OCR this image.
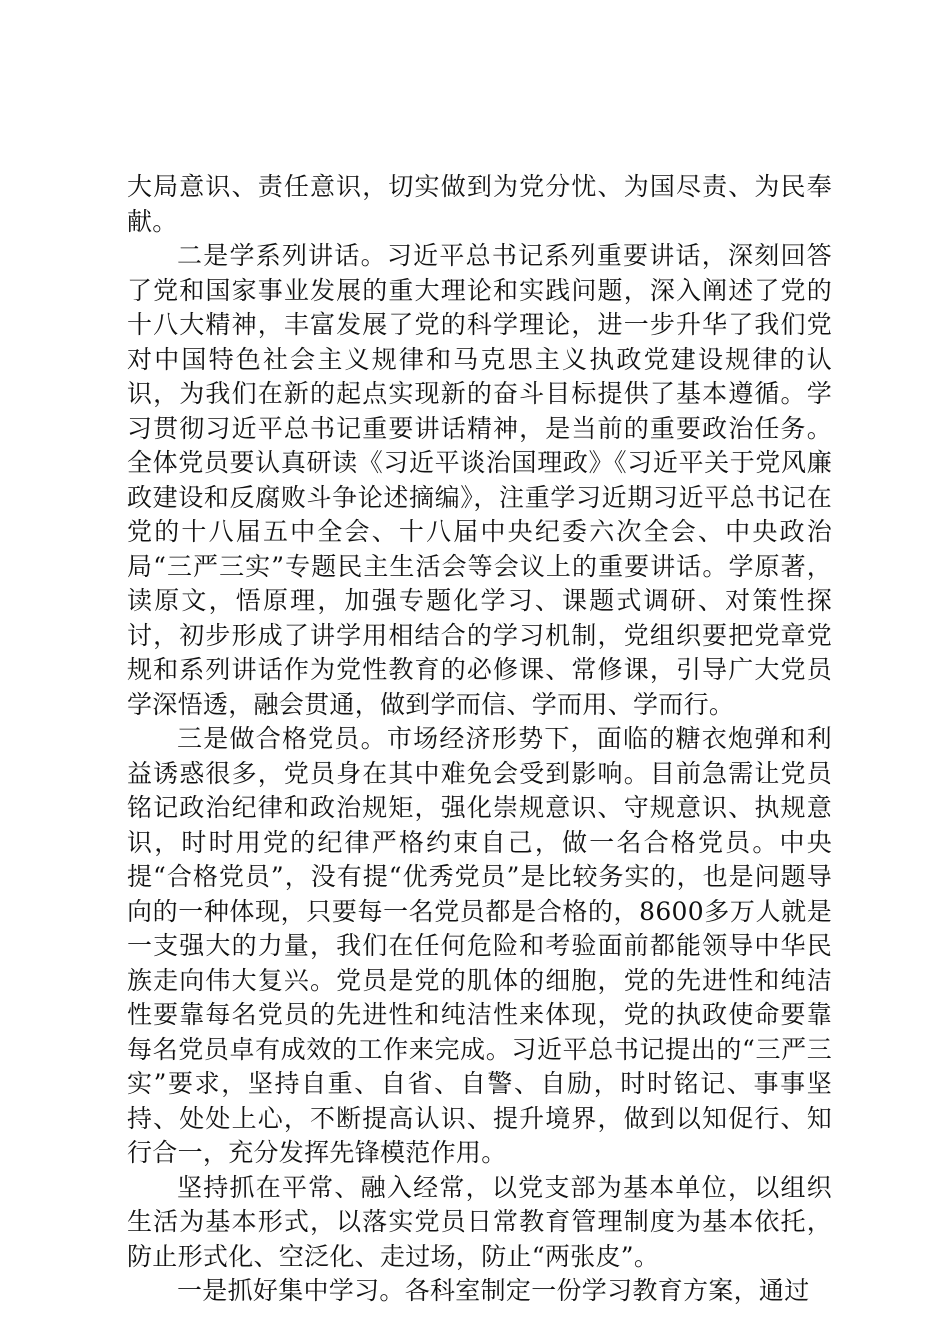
大局意识、责任意识，切实做到为党分忧、为国尽责、为民奉献。

二是学系列讲话。习近平总书记系列重要讲话，深刻回答了党和国家事业发展的重大理论和实践问题，深入阐述了党的十八大精神，丰富发展了党的科学理论，进一步升华了我们党对中国特色社会主义规律和马克思主义执政党建设规律的认识，为我们在新的起点实现新的奋斗目标提供了基本遵循。学习贯彻习近平总书记重要讲话精神，是当前的重要政治任务。全体党员要认真研读《习近平谈治国理政》《习近平关于党风廉政建设和反腐败斗争论述摘编》，注重学习近期习近平总书记在党的十八届五中全会、十八届中央纪委六次全会、中央政治局“三严三实”专题民主生活会等会议上的重要讲话。学原著，读原文，悟原理，加强专题化学习、课题式调研、对策性探讨，初步形成了讲学用相结合的学习机制，党组织要把党章党规和系列讲话作为党性教育的必修课、常修课，引导广大党员学深悟透，融会贯通，做到学而信、学而用、学而行。

三是做合格党员。市场经济形势下，面临的糖衣炮弹和利益诱惑很多，党员身在其中难免会受到影响。目前急需让党员铭记政治纪律和政治规矩，强化崇规意识、守规意识、执规意识，时时用党的纪律严格约束自己，做一名合格党员。中央提“合格党员”，没有提“优秀党员”是比较务实的，也是问题导向的一种体现，只要每一名党员都是合格的，8600多万人就是一支强大的力量，我们在任何危险和考验面前都能领导中华民族走向伟大复兴。党员是党的肌体的细胞，党的先进性和纯洁性要靠每名党员的先进性和纯洁性来体现，党的执政使命要靠每名党员卓有成效的工作来完成。习近平总书记提出的“三严三实”要求，坚持自重、自省、自警、自励，时时铭记、事事坚持、处处上心，不断提高认识、提升境界，做到以知促行、知行合一，充分发挥先锋模范作用。

坚持抓在平常、融入经常，以党支部为基本单位，以组织生活为基本形式，以落实党员日常教育管理制度为基本依托，防止形式化、空泛化、走过场，防止“两张皮”。

一是抓好集中学习。各科室制定一份学习教育方案，通过
